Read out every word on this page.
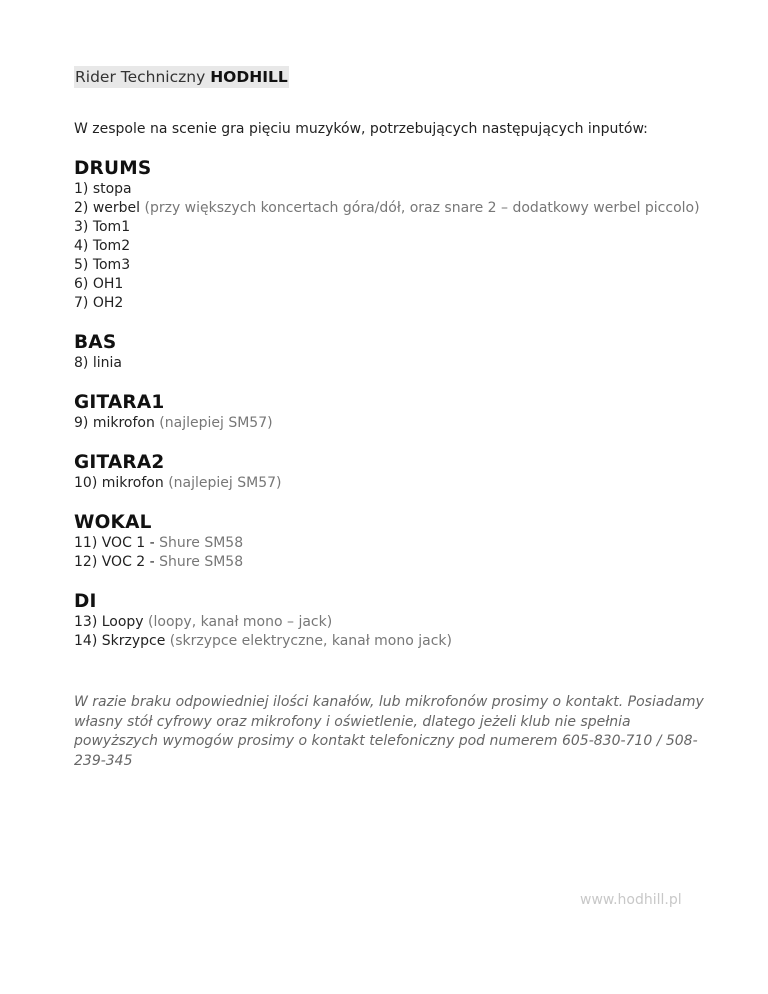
Rider Techniczny HODHILL
W zespole na scenie gra pięciu muzyków, potrzebujących następujących inputów:
DRUMS
1) stopa
2) werbel (przy większych koncertach góra/dół, oraz snare 2 – dodatkowy werbel piccolo)
3) Tom1
4) Tom2
5) Tom3
6) OH1
7) OH2
BAS
8) linia
GITARA1
9) mikrofon (najlepiej SM57)
GITARA2
10) mikrofon (najlepiej SM57)
WOKAL
11) VOC 1 - Shure SM58
12) VOC 2 - Shure SM58
DI
13) Loopy (loopy, kanał mono – jack)
14) Skrzypce (skrzypce elektryczne, kanał mono jack)
W razie braku odpowiedniej ilości kanałów, lub mikrofonów prosimy o kontakt. Posiadamy własny stół cyfrowy oraz mikrofony i oświetlenie, dlatego jeżeli klub nie spełnia powyższych wymogów prosimy o kontakt telefoniczny pod numerem 605-830-710 / 508-239-345
www.hodhill.pl
